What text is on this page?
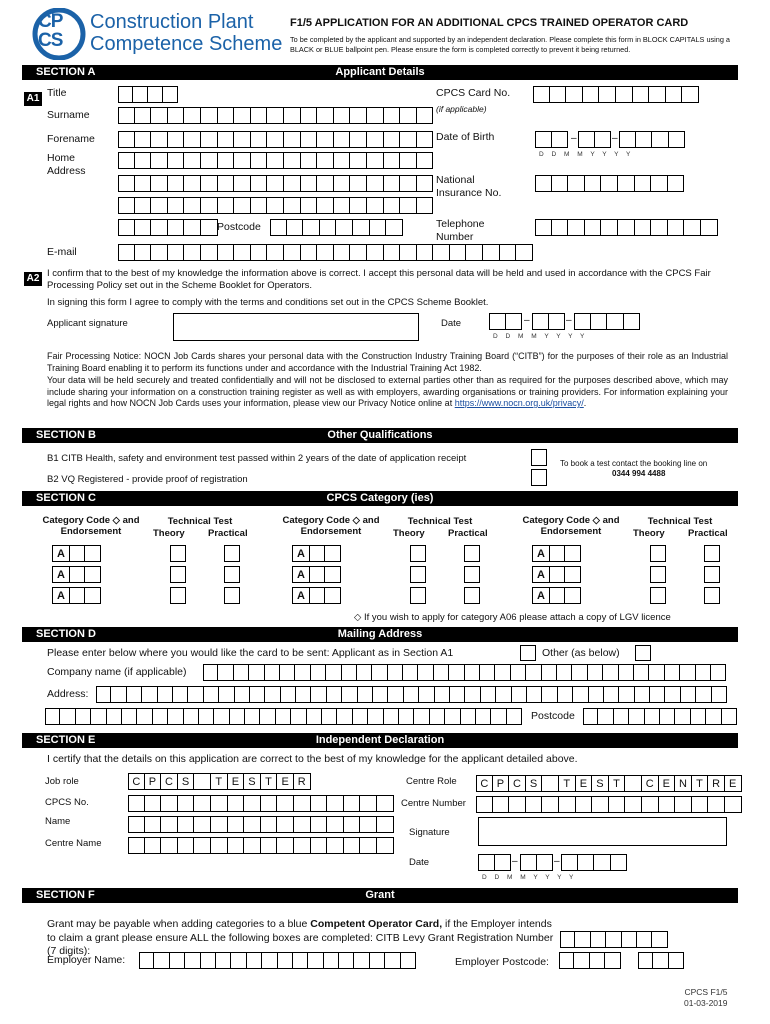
CP
CS
Construction Plant
Competence Scheme
F1/5 APPLICATION FOR AN ADDITIONAL CPCS TRAINED OPERATOR CARD
To be completed by the applicant and supported by an independent declaration. Please complete this form in BLOCK CAPITALS using a BLACK or BLUE ballpoint pen. Please ensure the form is completed correctly to prevent it being returned.
SECTION A	Applicant Details
A1 Title
Surname
Forename
Home Address
Postcode
E-mail
CPCS Card No.
(if applicable)
Date of Birth	–	–
D D M M Y Y Y Y
National Insurance No.
Telephone Number
A2 I confirm that to the best of my knowledge the information above is correct. I accept this personal data will be held and used in accordance with the CPCS Fair Processing Policy set out in the Scheme Booklet for Operators.
In signing this form I agree to comply with the terms and conditions set out in the CPCS Scheme Booklet.
Applicant signature	Date	–	–
D D M M Y Y Y Y
Fair Processing Notice: NOCN Job Cards shares your personal data with the Construction Industry Training Board (“CITB”) for the purposes of their role as an Industrial Training Board enabling it to perform its functions under and accordance with the Industrial Training Act 1982.
Your data will be held securely and treated confidentially and will not be disclosed to external parties other than as required for the purposes described above, which may include sharing your information on a construction training register as well as with employers, awarding organisations or training providers. For information explaining your legal rights and how NOCN Job Cards uses your information, please view our Privacy Notice online at https://www.nocn.org.uk/privacy/.
SECTION B	Other Qualifications
B1 CITB Health, safety and environment test passed within 2 years of the date of application receipt
B2 VQ Registered - provide proof of registration
To book a test contact the booking line on
0344 994 4488
SECTION C	CPCS Category (ies)
Category Code ◇ and Endorsement
Technical Test
Theory Practical
A
A
A
Category Code ◇ and Endorsement
Technical Test
Theory Practical
A
A
A
Category Code ◇ and Endorsement
Technical Test
Theory Practical
A
A
A
◇ If you wish to apply for category A06 please attach a copy of LGV licence
SECTION D	Mailing Address
Please enter below where you would like the card to be sent: Applicant as in Section A1	Other (as below)
Company name (if applicable)
Address:
Postcode
SECTION E	Independent Declaration
I certify that the details on this application are correct to the best of my knowledge for the applicant detailed above.
Job role	C P C S	T E S T E R	Centre Role	C P C S	T E S T	C E N T R E
CPCS No.	Centre Number
Name
Centre Name
Signature
Date	–	–
D D M M Y Y Y Y
SECTION F	Grant
Grant may be payable when adding categories to a blue Competent Operator Card, if the Employer intends to claim a grant please ensure ALL the following boxes are completed: CITB Levy Grant Registration Number (7 digits):
Employer Name:	Employer Postcode:
CPCS F1/5
01-03-2019
